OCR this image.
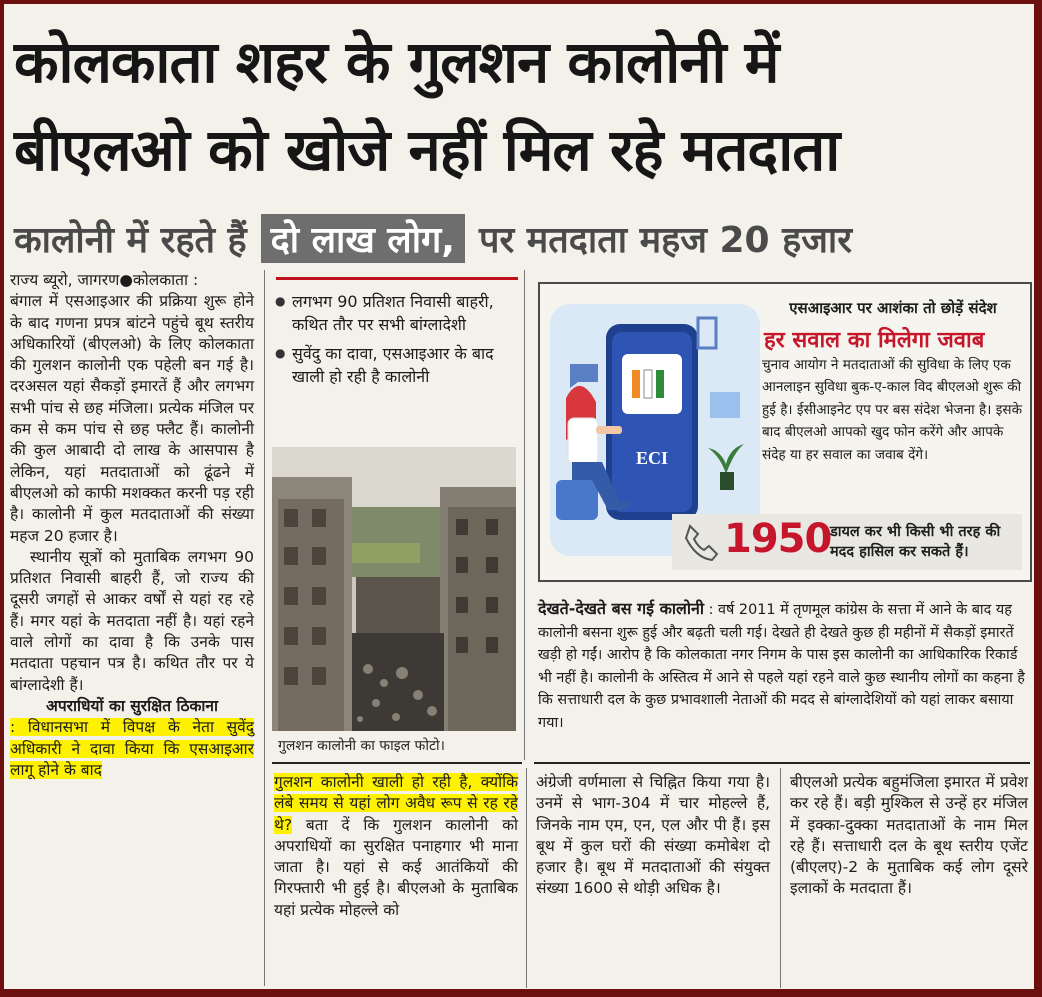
कोलकाता शहर के गुलशन कालोनी में
बीएलओ को खोजे नहीं मिल रहे मतदाता
कालोनी में रहते हैं दो लाख लोग, पर मतदाता महज 20 हजार

राज्य ब्यूरो, जागरण●कोलकाता :

बंगाल में एसआइआर की प्रक्रिया शुरू होने के बाद गणना प्रपत्र बांटने पहुंचे बूथ स्तरीय अधिकारियों (बीएलओ) के लिए कोलकाता की गुलशन कालोनी एक पहेली बन गई है। दरअसल यहां सैकड़ों इमारतें हैं और लगभग सभी पांच से छह मंजिला। प्रत्येक मंजिल पर कम से कम पांच से छह फ्लैट हैं। कालोनी की कुल आबादी दो लाख के आसपास है लेकिन, यहां मतदाताओं को ढूंढने में बीएलओ को काफी मशक्कत करनी पड़ रही है। कालोनी में कुल मतदाताओं की संख्या महज 20 हजार है।

स्थानीय सूत्रों को मुताबिक लगभग 90 प्रतिशत निवासी बाहरी हैं, जो राज्य की दूसरी जगहों से आकर वर्षों से यहां रह रहे हैं। मगर यहां के मतदाता नहीं है। यहां रहने वाले लोगों का दावा है कि उनके पास मतदाता पहचान पत्र है। कथित तौर पर ये बांग्लादेशी हैं।

अपराधियों का सुरक्षित ठिकाना

: विधानसभा में विपक्ष के नेता सुवेंदु अधिकारी ने दावा किया कि एसआइआर लागू होने के बाद

● लगभग 90 प्रतिशत निवासी बाहरी, कथित तौर पर सभी बांग्लादेशी
● सुवेंदु का दावा, एसआइआर के बाद खाली हो रही है कालोनी
गुलशन कालोनी का फाइल फोटो।
ECI
एसआइआर पर आशंका तो छोड़ें संदेश
हर सवाल का मिलेगा जवाब
चुनाव आयोग ने मतदाताओं की सुविधा के लिए एक आनलाइन सुविधा बुक-ए-काल विद बीएलओ शुरू की हुई है। ईसीआइनेट एप पर बस संदेश भेजना है। इसके बाद बीएलओ आपको खुद फोन करेंगे और आपके संदेह या हर सवाल का जवाब देंगे।
1950
डायल कर भी किसी भी तरह की मदद हासिल कर सकते हैं।
देखते-देखते बस गई कालोनी : वर्ष 2011 में तृणमूल कांग्रेस के सत्ता में आने के बाद यह कालोनी बसना शुरू हुई और बढ़ती चली गई। देखते ही देखते कुछ ही महीनों में सैकड़ों इमारतें खड़ी हो गईं। आरोप है कि कोलकाता नगर निगम के पास इस कालोनी का आधिकारिक रिकार्ड भी नहीं है। कालोनी के अस्तित्व में आने से पहले यहां रहने वाले कुछ स्थानीय लोगों का कहना है कि सत्ताधारी दल के कुछ प्रभावशाली नेताओं की मदद से बांग्लादेशियों को यहां लाकर बसाया गया।

गुलशन कालोनी खाली हो रही है, क्योंकि लंबे समय से यहां लोग अवैध रूप से रह रहे थे? बता दें कि गुलशन कालोनी को अपराधियों का सुरक्षित पनाहगार भी माना जाता है। यहां से कई आतंकियों की गिरफ्तारी भी हुई है। बीएलओ के मुताबिक यहां प्रत्येक मोहल्ले को

अंग्रेजी वर्णमाला से चिह्नित किया गया है। उनमें से भाग-304 में चार मोहल्ले हैं, जिनके नाम एम, एन, एल और पी हैं। इस बूथ में कुल घरों की संख्या कमोबेश दो हजार है। बूथ में मतदाताओं की संयुक्त संख्या 1600 से थोड़ी अधिक है।

बीएलओ प्रत्येक बहुमंजिला इमारत में प्रवेश कर रहे हैं। बड़ी मुश्किल से उन्हें हर मंजिल में इक्का-दुक्का मतदाताओं के नाम मिल रहे हैं। सत्ताधारी दल के बूथ स्तरीय एजेंट (बीएलए)-2 के मुताबिक कई लोग दूसरे इलाकों के मतदाता हैं।
